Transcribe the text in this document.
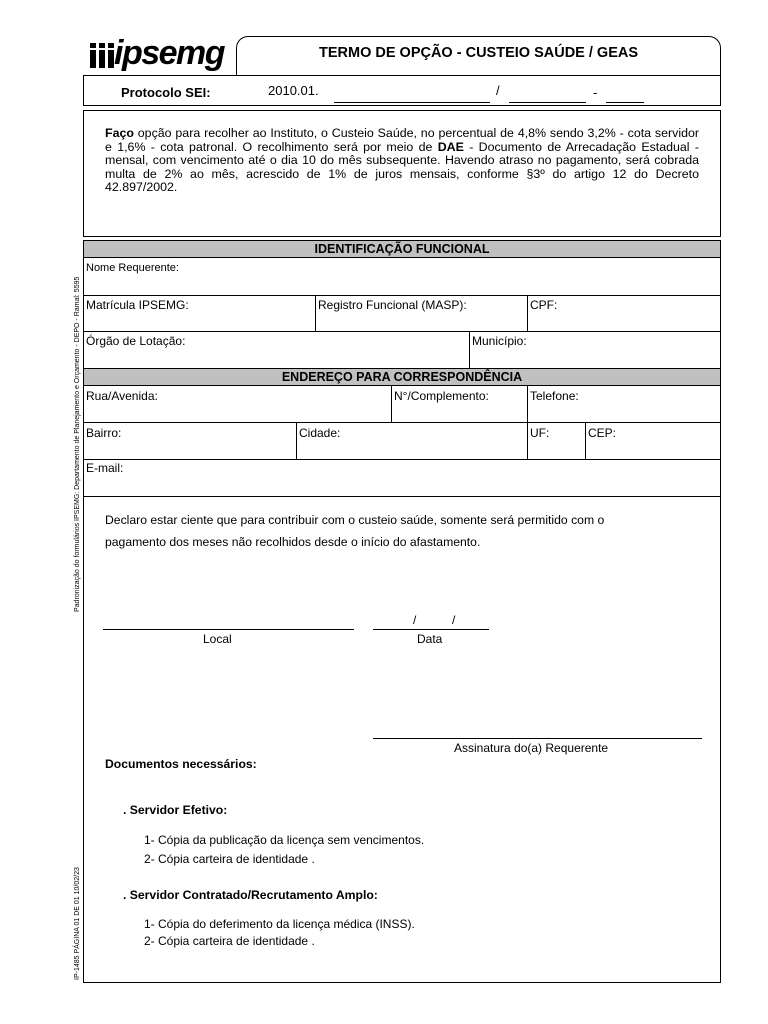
ipsemg	TERMO DE OPÇÃO - CUSTEIO SAÚDE / GEAS
Protocolo SEI:	2010.01.	/	-
Faço opção para recolher ao Instituto, o Custeio Saúde, no percentual de 4,8% sendo 3,2% - cota servidor e 1,6% - cota patronal. O recolhimento será por meio de DAE - Documento de Arrecadação Estadual - mensal, com vencimento até o dia 10 do mês subsequente. Havendo atraso no pagamento, será cobrada multa de 2% ao mês, acrescido de 1% de juros mensais, conforme §3º do artigo 12 do Decreto 42.897/2002.
IDENTIFICAÇÃO FUNCIONAL
Nome Requerente:
Matrícula IPSEMG:	Registro Funcional (MASP):	CPF:
Órgão de Lotação:	Município:
ENDEREÇO PARA CORRESPONDÊNCIA
Rua/Avenida:	N°/Complemento:	Telefone:
Bairro:	Cidade:	UF:	CEP:
E-mail:
Declaro estar ciente que para contribuir com o custeio saúde, somente será permitido com o
pagamento dos meses não recolhidos desde o início do afastamento.
Local
/	/
Data
Assinatura do(a) Requerente
Documentos necessários:
. Servidor Efetivo:
1- Cópia da publicação da licença sem vencimentos.
2- Cópia carteira de identidade .
. Servidor Contratado/Recrutamento Amplo:
1- Cópia do deferimento da licença médica (INSS).
2- Cópia carteira de identidade .
Padronização do formulários IPSEMG: Departamento de Planejamento e Orçamento - DEPO - Ramal: 5595
IP-1485 PÁGINA 01 DE 01 10/02/23
